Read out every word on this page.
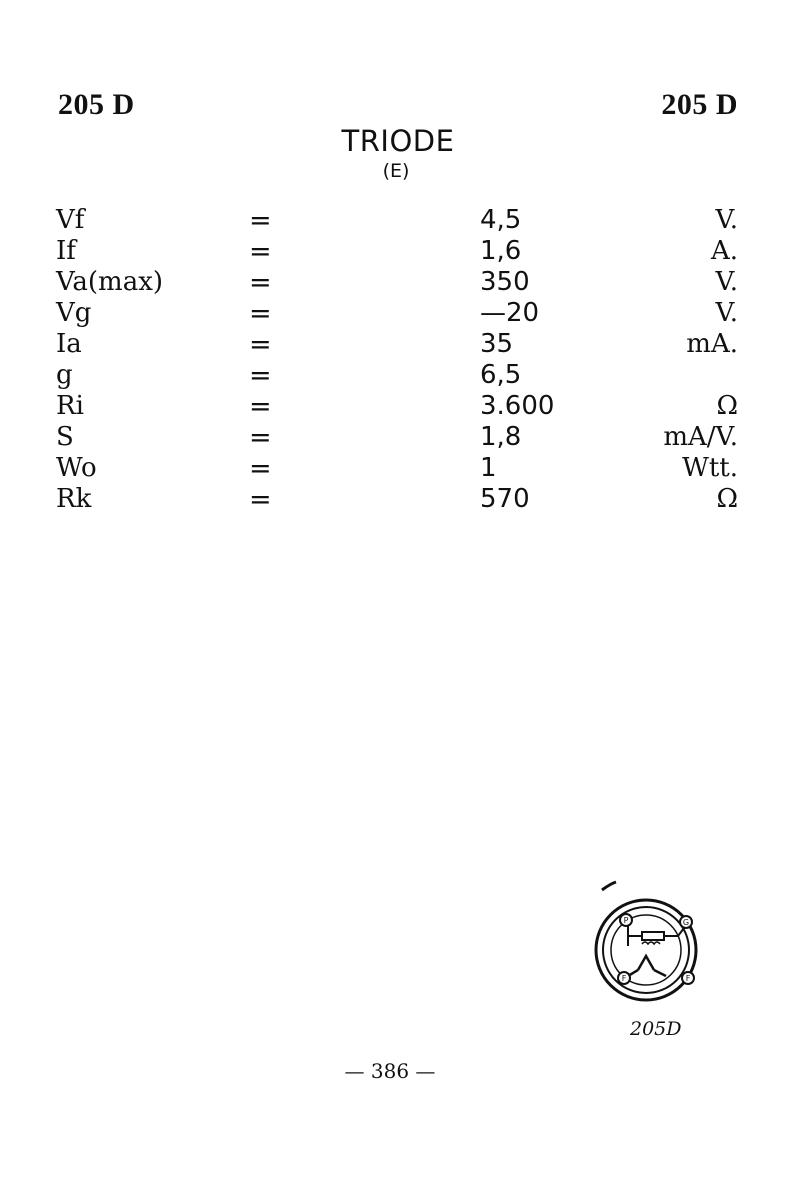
205 D	205 D
TRIODE
(E)
Vf	=	4,5	V.
If	=	1,6	A.
Va(max)	=	350	V.
Vg	=	—20	V.
Ia	=	35	mA.
g	=	6,5
Ri	=	3.600	Ω
S	=	1,8	mA/V.
Wo	=	1	Wtt.
Rk	=	570	Ω
P	G
F	F
205D
— 386 —
